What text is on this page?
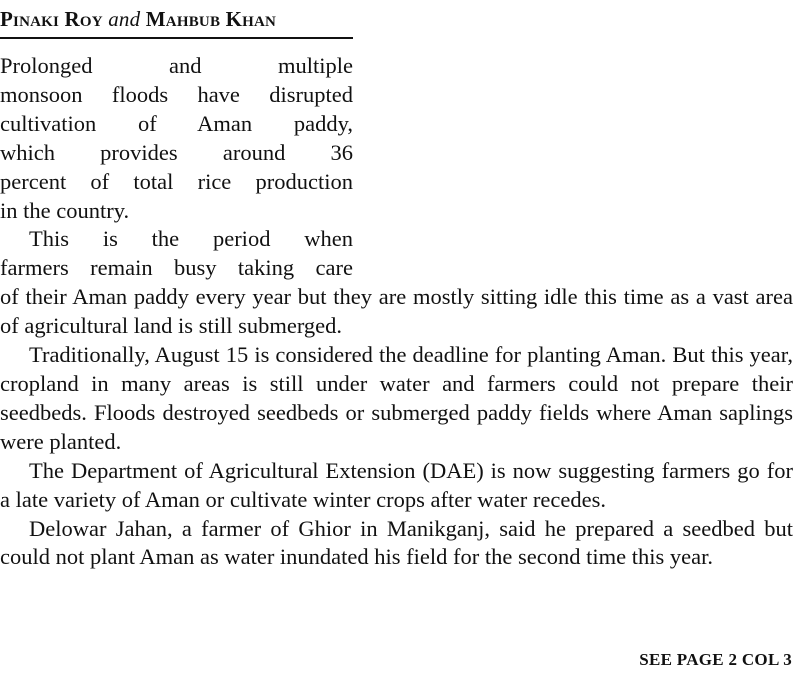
Pinaki Roy and Mahbub Khan
Prolonged and multiple
monsoon floods have disrupted
cultivation of Aman paddy,
which provides around 36
percent of total rice production
in the country.
This is the period when
farmers remain busy taking care

of their Aman paddy every year but they are mostly sitting idle this time as a vast area of agricultural land is still submerged.

Traditionally, August 15 is considered the deadline for planting Aman. But this year, cropland in many areas is still under water and farmers could not prepare their seedbeds. Floods destroyed seedbeds or submerged paddy fields where Aman saplings were planted.

The Department of Agricultural Extension (DAE) is now suggesting farmers go for a late variety of Aman or cultivate winter crops after water recedes.

Delowar Jahan, a farmer of Ghior in Manikganj, said he prepared a seedbed but could not plant Aman as water inundated his field for the second time this year.

SEE PAGE 2 COL 3
